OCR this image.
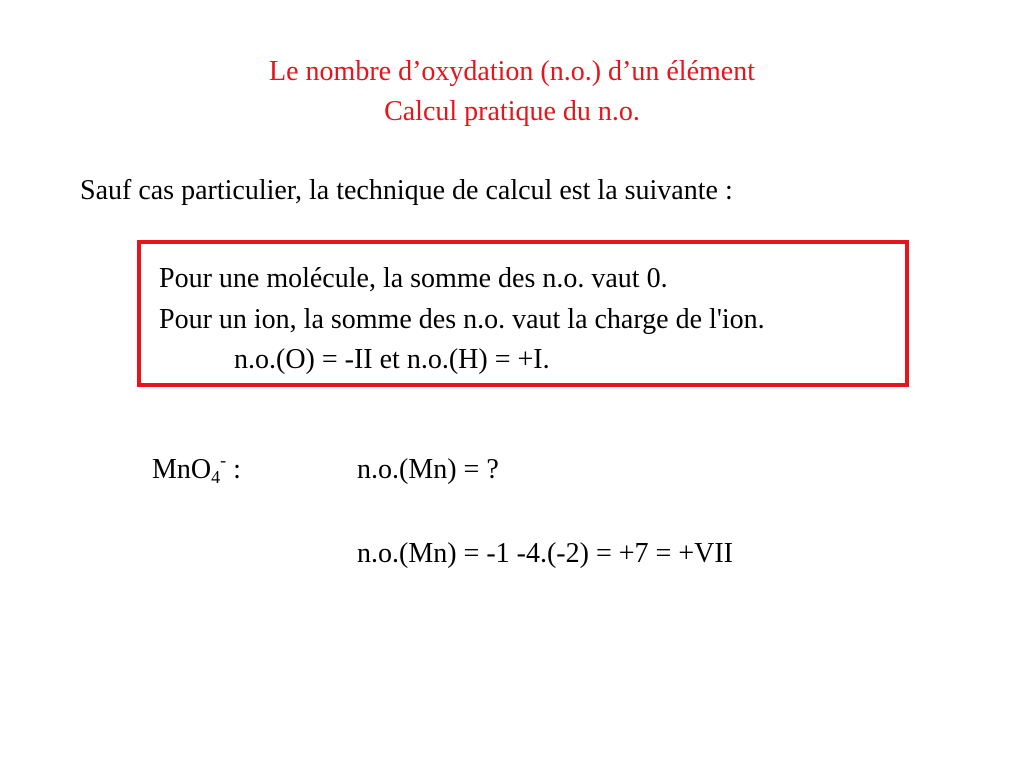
Le nombre d’oxydation (n.o.) d’un élément
Calcul pratique du n.o.
Sauf cas particulier, la technique de calcul est la suivante :
Pour une molécule, la somme des n.o. vaut 0.
Pour un ion, la somme des n.o. vaut la charge de l'ion.
n.o.(O) = -II et n.o.(H) = +I.
MnO$_4$- :	n.o.(Mn) = ?
n.o.(Mn) = -1 -4.(-2) = +7 = +VII
